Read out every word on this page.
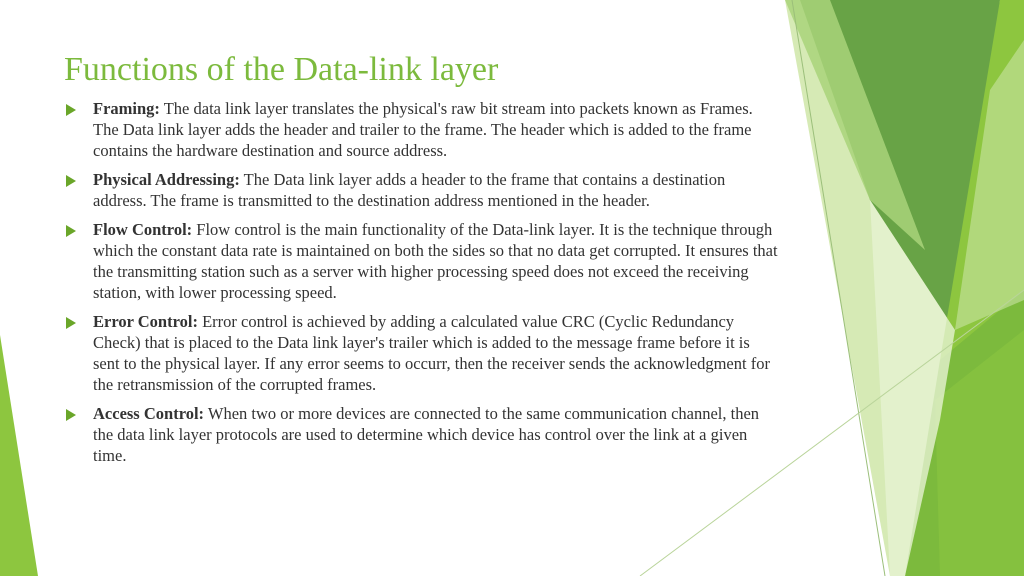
Functions of the Data-link layer

Framing: The data link layer translates the physical's raw bit stream into packets known as Frames. The Data link layer adds the header and trailer to the frame. The header which is added to the frame contains the hardware destination and source address.

Physical Addressing: The Data link layer adds a header to the frame that contains a destination address. The frame is transmitted to the destination address mentioned in the header.

Flow Control: Flow control is the main functionality of the Data-link layer. It is the technique through which the constant data rate is maintained on both the sides so that no data get corrupted. It ensures that the transmitting station such as a server with higher processing speed does not exceed the receiving station, with lower processing speed.

Error Control: Error control is achieved by adding a calculated value CRC (Cyclic Redundancy Check) that is placed to the Data link layer's trailer which is added to the message frame before it is sent to the physical layer. If any error seems to occurr, then the receiver sends the acknowledgment for the retransmission of the corrupted frames.

Access Control: When two or more devices are connected to the same communication channel, then the data link layer protocols are used to determine which device has control over the link at a given time.
